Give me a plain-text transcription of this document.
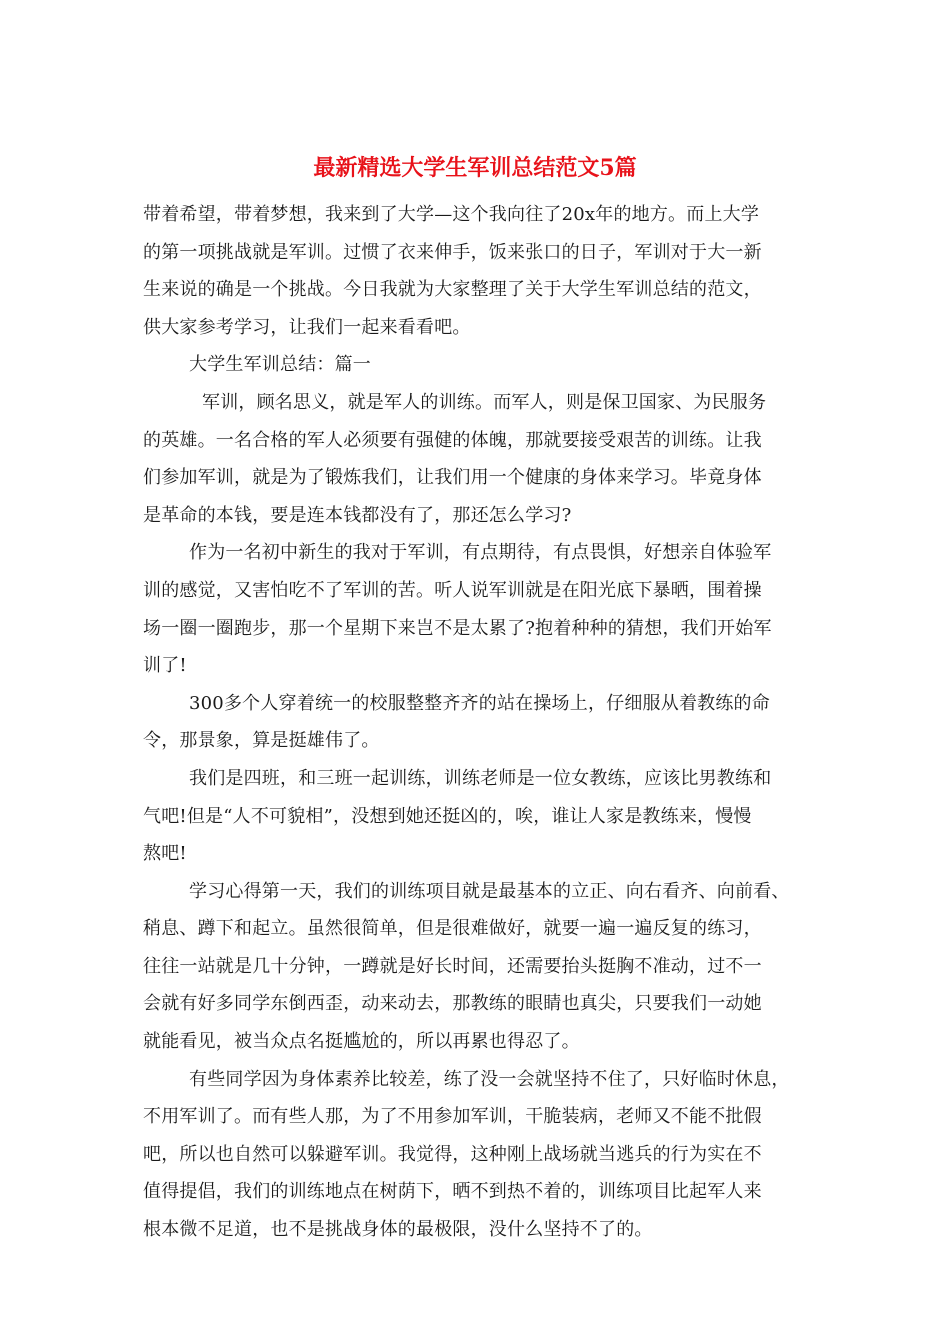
最新精选大学生军训总结范文5篇
带着希望，带着梦想，我来到了大学—这个我向往了20x年的地方。而上大学
的第一项挑战就是军训。过惯了衣来伸手，饭来张口的日子，军训对于大一新
生来说的确是一个挑战。今日我就为大家整理了关于大学生军训总结的范文，
供大家参考学习，让我们一起来看看吧。
大学生军训总结：篇一
军训，顾名思义，就是军人的训练。而军人，则是保卫国家、为民服务
的英雄。一名合格的军人必须要有强健的体魄，那就要接受艰苦的训练。让我
们参加军训，就是为了锻炼我们，让我们用一个健康的身体来学习。毕竟身体
是革命的本钱，要是连本钱都没有了，那还怎么学习?
作为一名初中新生的我对于军训，有点期待，有点畏惧，好想亲自体验军
训的感觉，又害怕吃不了军训的苦。听人说军训就是在阳光底下暴晒，围着操
场一圈一圈跑步，那一个星期下来岂不是太累了?抱着种种的猜想，我们开始军
训了!
300多个人穿着统一的校服整整齐齐的站在操场上，仔细服从着教练的命
令，那景象，算是挺雄伟了。
我们是四班，和三班一起训练，训练老师是一位女教练，应该比男教练和
气吧!但是“人不可貌相”，没想到她还挺凶的，唉，谁让人家是教练来，慢慢
熬吧!
学习心得第一天，我们的训练项目就是最基本的立正、向右看齐、向前看、
稍息、蹲下和起立。虽然很简单，但是很难做好，就要一遍一遍反复的练习，
往往一站就是几十分钟，一蹲就是好长时间，还需要抬头挺胸不准动，过不一
会就有好多同学东倒西歪，动来动去，那教练的眼睛也真尖，只要我们一动她
就能看见，被当众点名挺尴尬的，所以再累也得忍了。
有些同学因为身体素养比较差，练了没一会就坚持不住了，只好临时休息，
不用军训了。而有些人那，为了不用参加军训，干脆装病，老师又不能不批假
吧，所以也自然可以躲避军训。我觉得，这种刚上战场就当逃兵的行为实在不
值得提倡，我们的训练地点在树荫下，晒不到热不着的，训练项目比起军人来
根本微不足道，也不是挑战身体的最极限，没什么坚持不了的。
